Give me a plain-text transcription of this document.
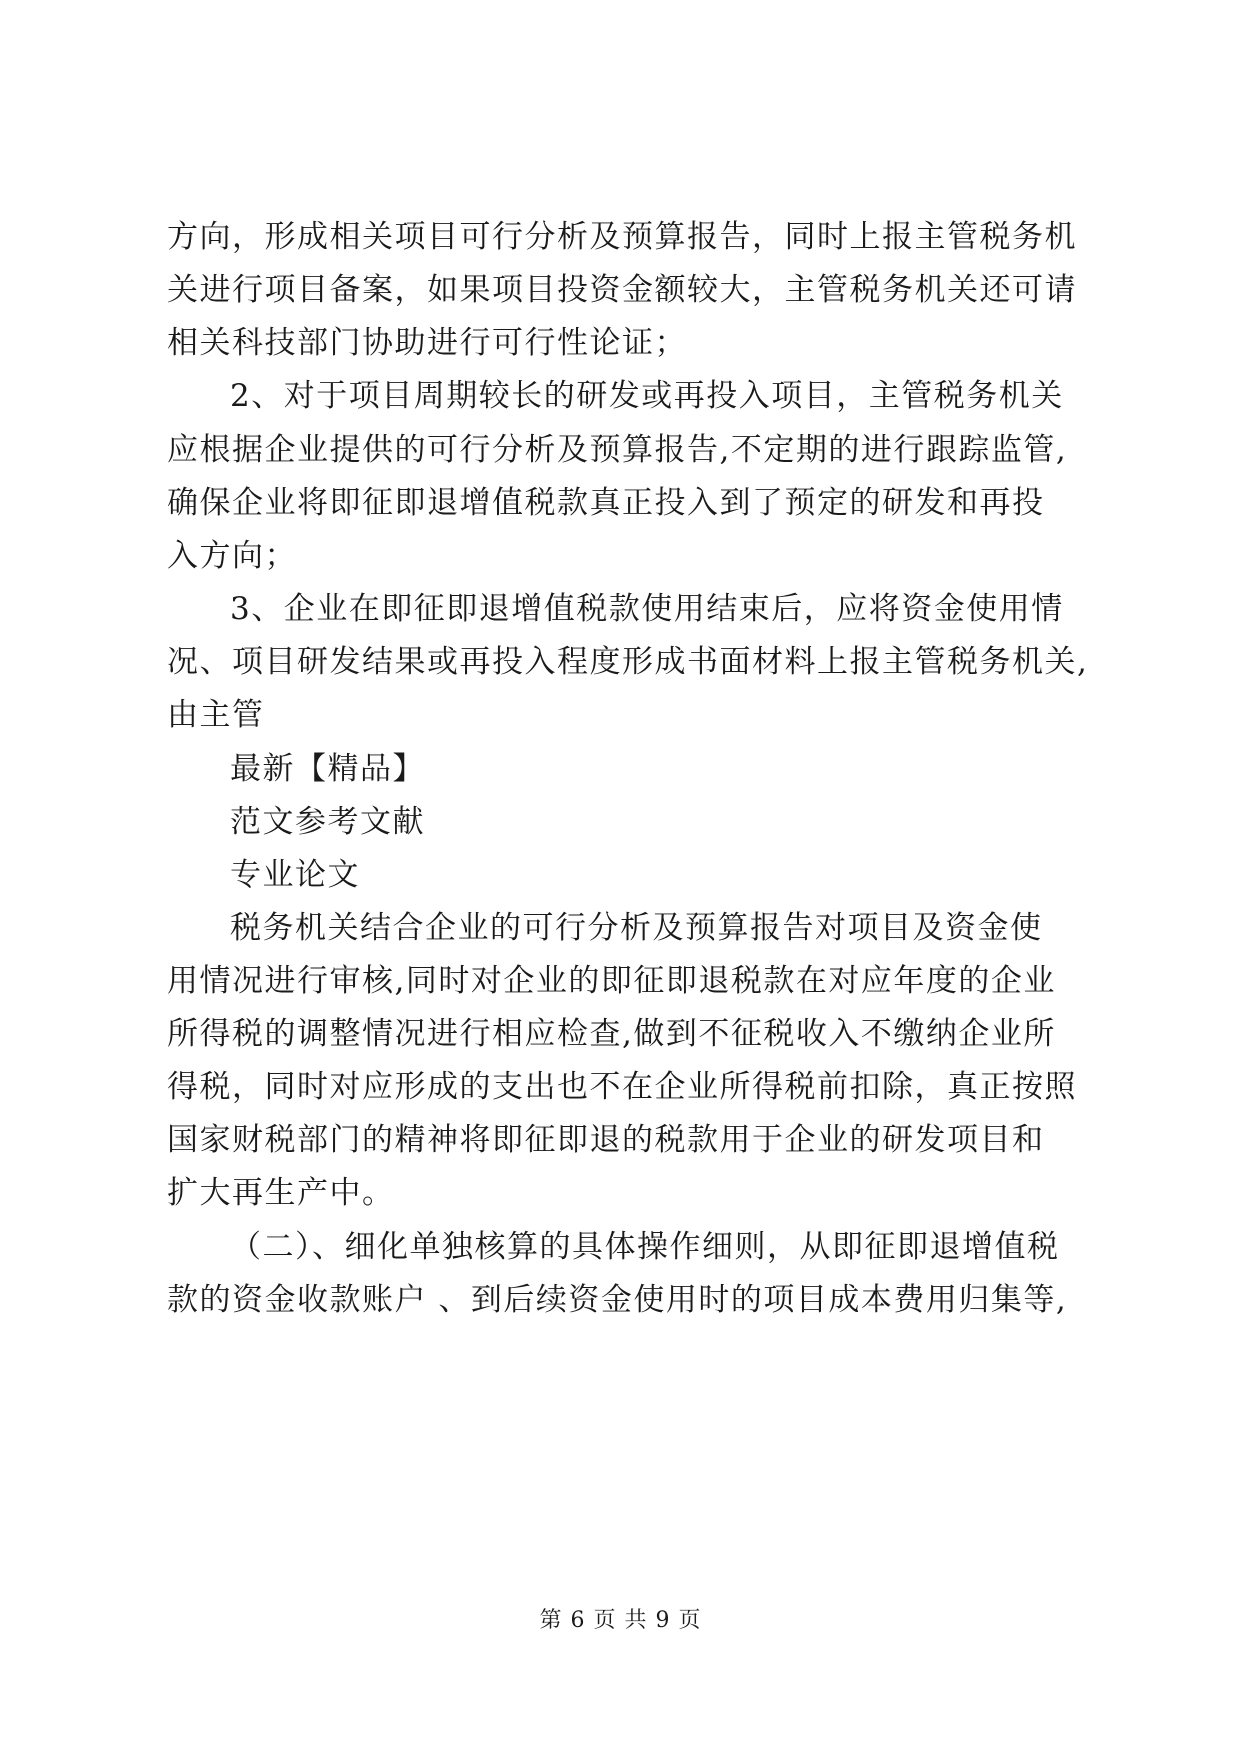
方向，形成相关项目可行分析及预算报告，同时上报主管税务机
关进行项目备案，如果项目投资金额较大，主管税务机关还可请
相关科技部门协助进行可行性论证；
2、对于项目周期较长的研发或再投入项目，主管税务机关
应根据企业提供的可行分析及预算报告,不定期的进行跟踪监管,
确保企业将即征即退增值税款真正投入到了预定的研发和再投
入方向；
3、企业在即征即退增值税款使用结束后，应将资金使用情
况、项目研发结果或再投入程度形成书面材料上报主管税务机关,
由主管
最新【精品】
范文参考文献
专业论文
税务机关结合企业的可行分析及预算报告对项目及资金使
用情况进行审核,同时对企业的即征即退税款在对应年度的企业
所得税的调整情况进行相应检查,做到不征税收入不缴纳企业所
得税，同时对应形成的支出也不在企业所得税前扣除，真正按照
国家财税部门的精神将即征即退的税款用于企业的研发项目和
扩大再生产中。
（二）、细化单独核算的具体操作细则，从即征即退增值税
款的资金收款账户 、到后续资金使用时的项目成本费用归集等,
第 6 页 共 9 页
